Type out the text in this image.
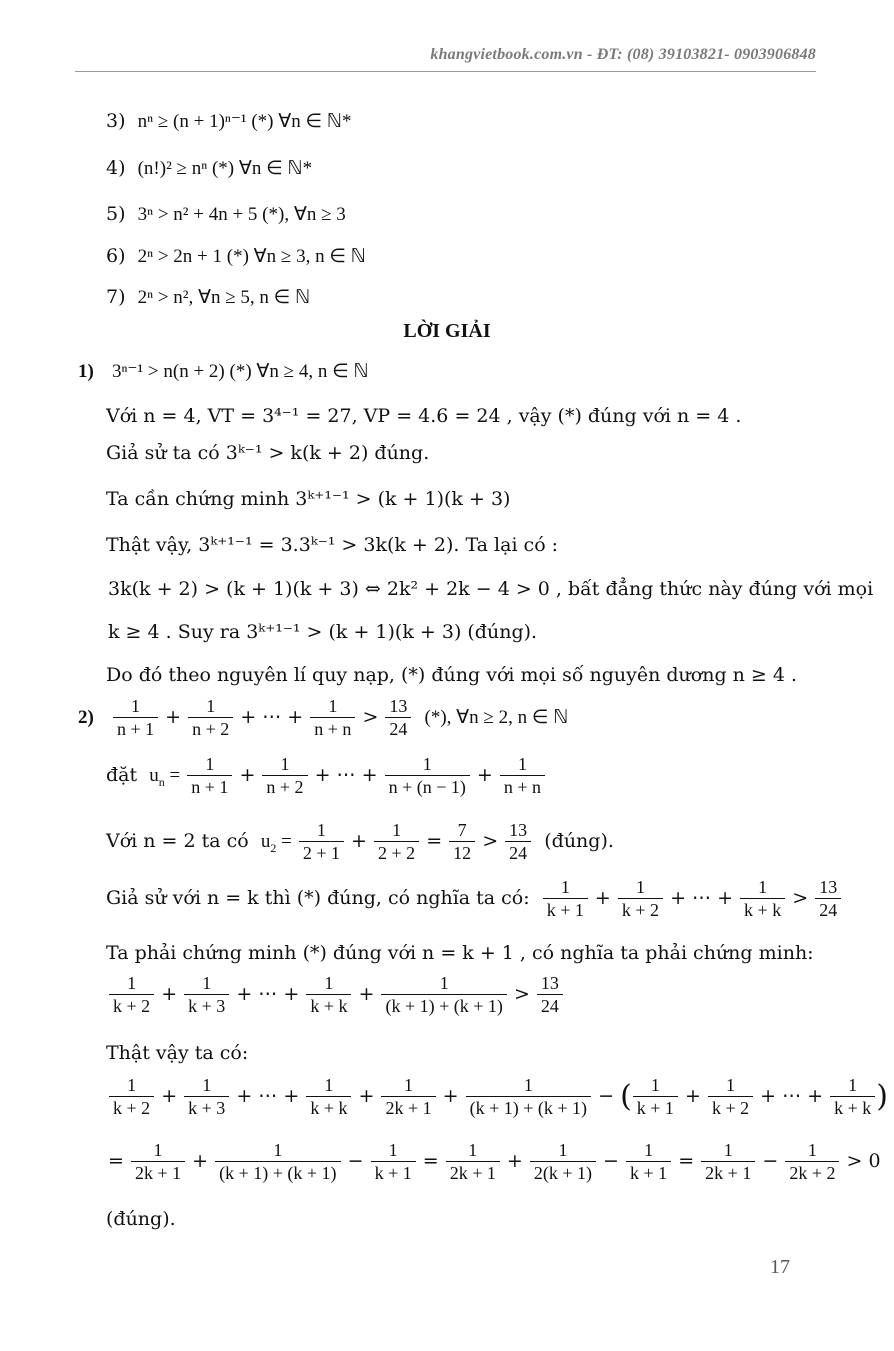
khangvietbook.com.vn - ĐT: (08) 39103821- 0903906848
3) nⁿ ≥ (n + 1)ⁿ⁻¹ (*) ∀n ∈ ℕ*
4) (n!)² ≥ nⁿ (*) ∀n ∈ ℕ*
5) 3ⁿ > n² + 4n + 5 (*), ∀n ≥ 3
6) 2ⁿ > 2n + 1 (*) ∀n ≥ 3, n ∈ ℕ
7) 2ⁿ > n², ∀n ≥ 5, n ∈ ℕ
LỜI GIẢI
1) 3ⁿ⁻¹ > n(n + 2) (*) ∀n ≥ 4, n ∈ ℕ
Với n = 4, VT = 3⁴⁻¹ = 27, VP = 4.6 = 24 , vậy (*) đúng với n = 4 .
Giả sử ta có 3ᵏ⁻¹ > k(k + 2) đúng.
Ta cần chứng minh 3ᵏ⁺¹⁻¹ > (k + 1)(k + 3)
Thật vậy, 3ᵏ⁺¹⁻¹ = 3.3ᵏ⁻¹ > 3k(k + 2). Ta lại có :
3k(k + 2) > (k + 1)(k + 3) ⇔ 2k² + 2k − 4 > 0 , bất đẳng thức này đúng với mọi
k ≥ 4 . Suy ra 3ᵏ⁺¹⁻¹ > (k + 1)(k + 3) (đúng).
Do đó theo nguyên lí quy nạp, (*) đúng với mọi số nguyên dương n ≥ 4 .
$2) \frac{1}{n + 1} + \frac{1}{n + 2}$ + ⋯ + $\frac{1}{n + n} > \frac{13}{24}$ (*), ∀n ≥ 2, n ∈ ℕ
đặt $u_n = \frac{1}{n + 1} + \frac{1}{n + 2}$ + ⋯ + $\frac{1}{n + (n - 1)} + \frac{1}{n + n}$
Với n = 2 ta có $u_2 = \frac{1}{2 + 1} + \frac{1}{2 + 2} = \frac{7}{12} > \frac{13}{24}$ (đúng).
Giả sử với n = k thì (*) đúng, có nghĩa ta có: $\frac{1}{k + 1} + \frac{1}{k + 2}$ + ⋯ + $\frac{1}{k + k} > \frac{13}{24}$
Ta phải chứng minh (*) đúng với n = k + 1 , có nghĩa ta phải chứng minh:
$\frac{1}{k + 2} + \frac{1}{k + 3}$ + ⋯ + $\frac{1}{k + k} + \frac{1}{(k + 1) + (k + 1)} > \frac{13}{24}$
Thật vậy ta có:
$\frac{1}{k + 2} + \frac{1}{k + 3}$ + ⋯ + $\frac{1}{k + k} + \frac{1}{2k + 1} + \frac{1}{(k + 1) + (k + 1)}$ − ( $\frac{1}{k + 1} + \frac{1}{k + 2}$ + ⋯ + $\frac{1}{k + k}$ )
= $\frac{1}{2k + 1} + \frac{1}{(k + 1) + (k + 1)} - \frac{1}{k + 1} = \frac{1}{2k + 1} + \frac{1}{2(k + 1)} - \frac{1}{k + 1} = \frac{1}{2k + 1} - \frac{1}{2k + 2} > 0$
(đúng).
17
